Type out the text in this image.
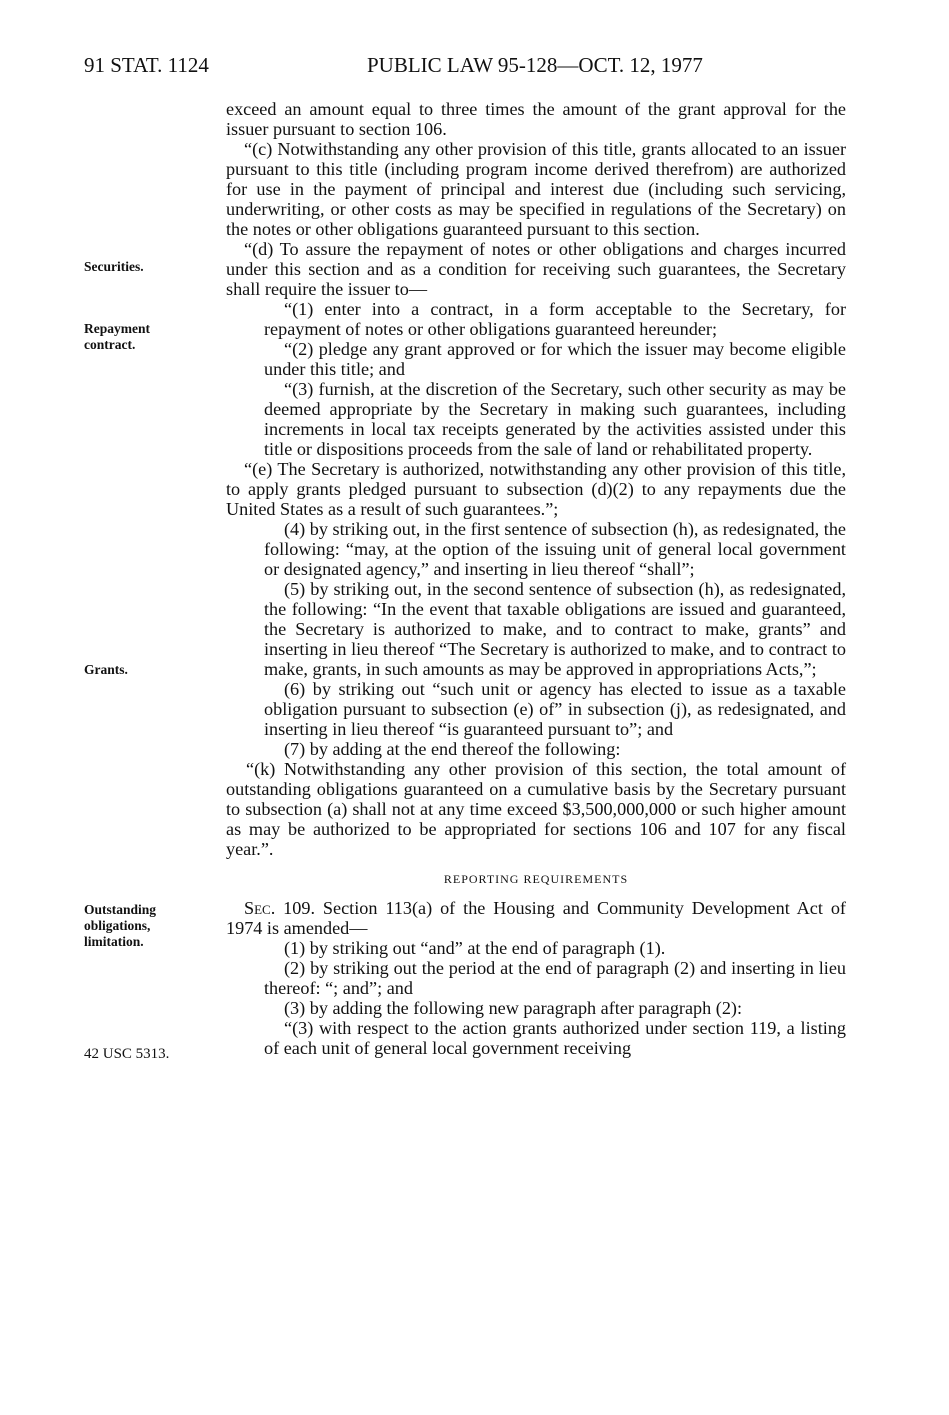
91 STAT. 1124	PUBLIC LAW 95-128—OCT. 12, 1977
Securities.
Repayment contract.
Grants.
Outstanding obligations, limitation.
42 USC 5313.

exceed an amount equal to three times the amount of the grant approval for the issuer pursuant to section 106.

“(c) Notwithstanding any other provision of this title, grants allocated to an issuer pursuant to this title (including program income derived therefrom) are authorized for use in the payment of principal and interest due (including such servicing, underwriting, or other costs as may be specified in regulations of the Secretary) on the notes or other obligations guaranteed pursuant to this section.

“(d) To assure the repayment of notes or other obligations and charges incurred under this section and as a condition for receiving such guarantees, the Secretary shall require the issuer to—

“(1) enter into a contract, in a form acceptable to the Secretary, for repayment of notes or other obligations guaranteed hereunder;

“(2) pledge any grant approved or for which the issuer may become eligible under this title; and

“(3) furnish, at the discretion of the Secretary, such other security as may be deemed appropriate by the Secretary in making such guarantees, including increments in local tax receipts generated by the activities assisted under this title or dispositions proceeds from the sale of land or rehabilitated property.

“(e) The Secretary is authorized, notwithstanding any other provision of this title, to apply grants pledged pursuant to subsection (d)(2) to any repayments due the United States as a result of such guarantees.”;

(4) by striking out, in the first sentence of subsection (h), as redesignated, the following: “may, at the option of the issuing unit of general local government or designated agency,” and inserting in lieu thereof “shall”;

(5) by striking out, in the second sentence of subsection (h), as redesignated, the following: “In the event that taxable obligations are issued and guaranteed, the Secretary is authorized to make, and to contract to make, grants” and inserting in lieu thereof “The Secretary is authorized to make, and to contract to make, grants, in such amounts as may be approved in appropriations Acts,”;

(6) by striking out “such unit or agency has elected to issue as a taxable obligation pursuant to subsection (e) of” in subsection (j), as redesignated, and inserting in lieu thereof “is guaranteed pursuant to”; and

(7) by adding at the end thereof the following:

“(k) Notwithstanding any other provision of this section, the total amount of outstanding obligations guaranteed on a cumulative basis by the Secretary pursuant to subsection (a) shall not at any time exceed $3,500,000,000 or such higher amount as may be authorized to be appropriated for sections 106 and 107 for any fiscal year.”.

REPORTING REQUIREMENTS

Sec. 109. Section 113(a) of the Housing and Community Development Act of 1974 is amended—

(1) by striking out “and” at the end of paragraph (1).

(2) by striking out the period at the end of paragraph (2) and inserting in lieu thereof: “; and”; and

(3) by adding the following new paragraph after paragraph (2):

“(3) with respect to the action grants authorized under section 119, a listing of each unit of general local government receiving
